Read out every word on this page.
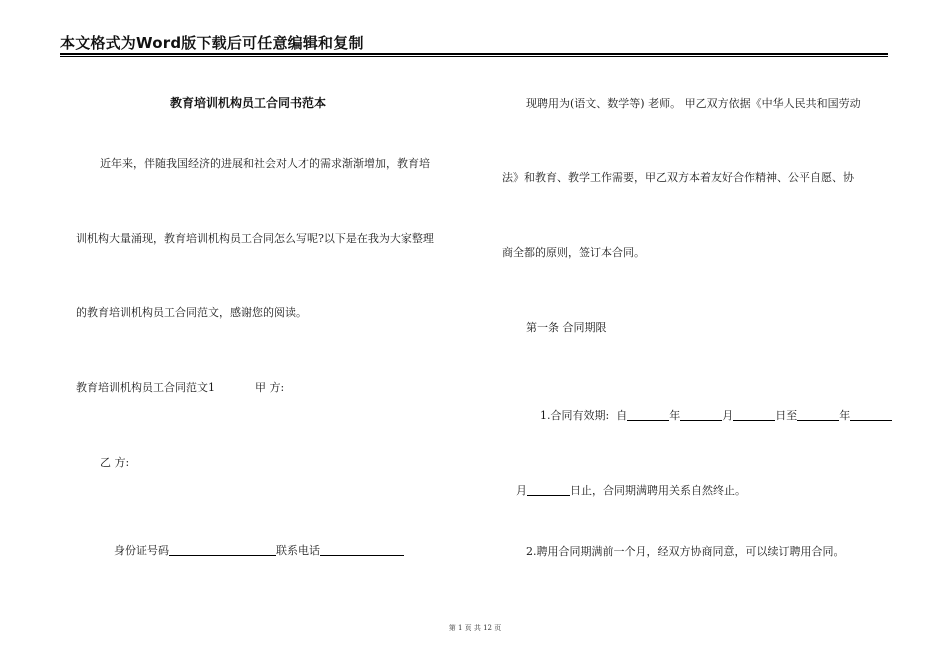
本文格式为Word版下载后可任意编辑和复制
教育培训机构员工合同书范本
近年来，伴随我国经济的进展和社会对人才的需求渐渐增加，教育培
训机构大量涌现，教育培训机构员工合同怎么写呢?以下是在我为大家整理
的教育培训机构员工合同范文，感谢您的阅读。
教育培训机构员工合同范文1	甲 方:
乙 方:

身份证号码	联系电话

现聘用为(语文、数学等) 老师。 甲乙双方依据《中华人民共和国劳动
法》和教育、教学工作需要，甲乙双方本着友好合作精神、公平自愿、协
商全都的原则，签订本合同。
第一条 合同期限

1.合同有效期:  自	年	月	日至	年

月	日止，合同期满聘用关系自然终止。

2.聘用合同期满前一个月，经双方协商同意，可以续订聘用合同。
第 1 页 共 12 页
